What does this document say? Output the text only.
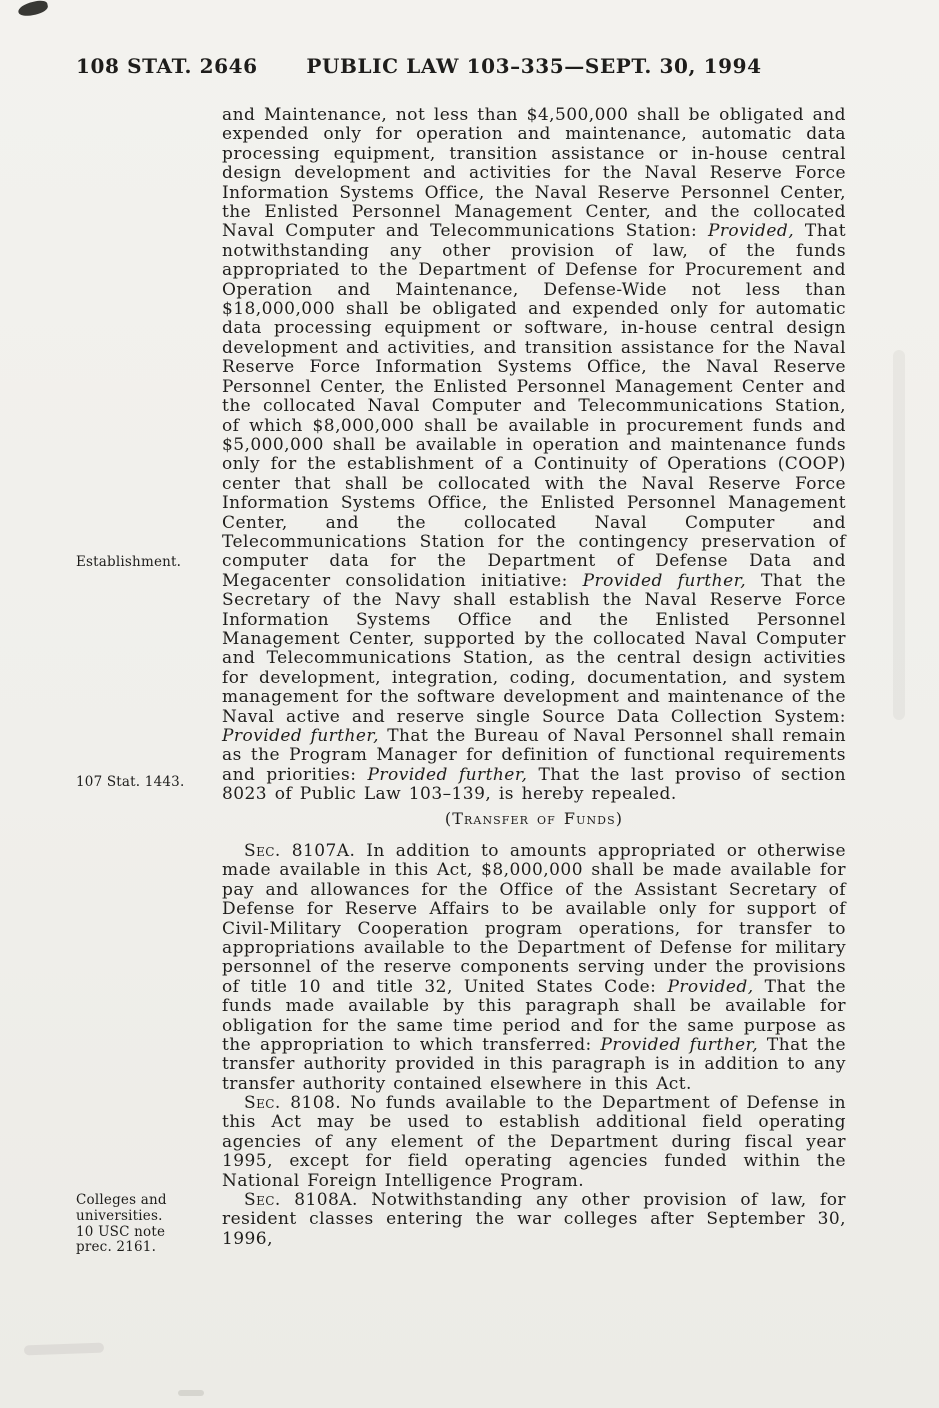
108 STAT. 2646	PUBLIC LAW 103–335—SEPT. 30, 1994
Establishment.
107 Stat. 1443.
Colleges and
universities.
10 USC note
prec. 2161.
and Maintenance, not less than $4,500,000 shall be obligated and expended only for operation and maintenance, automatic data processing equipment, transition assistance or in-house central design development and activities for the Naval Reserve Force Information Systems Office, the Naval Reserve Personnel Center, the Enlisted Personnel Management Center, and the collocated Naval Computer and Telecommunications Station: Provided, That notwithstanding any other provision of law, of the funds appropriated to the Department of Defense for Procurement and Operation and Maintenance, Defense-Wide not less than $18,000,000 shall be obligated and expended only for automatic data processing equipment or software, in-house central design development and activities, and transition assistance for the Naval Reserve Force Information Systems Office, the Naval Reserve Personnel Center, the Enlisted Personnel Management Center and the collocated Naval Computer and Telecommunications Station, of which $8,000,000 shall be available in procurement funds and $5,000,000 shall be available in operation and maintenance funds only for the establishment of a Continuity of Operations (COOP) center that shall be collocated with the Naval Reserve Force Information Systems Office, the Enlisted Personnel Management Center, and the collocated Naval Computer and Telecommunications Station for the contingency preservation of computer data for the Department of Defense Data and Megacenter consolidation initiative: Provided further, That the Secretary of the Navy shall establish the Naval Reserve Force Information Systems Office and the Enlisted Personnel Management Center, supported by the collocated Naval Computer and Telecommunications Station, as the central design activities for development, integration, coding, documentation, and system management for the software development and maintenance of the Naval active and reserve single Source Data Collection System: Provided further, That the Bureau of Naval Personnel shall remain as the Program Manager for definition of functional requirements and priorities: Provided further, That the last proviso of section 8023 of Public Law 103–139, is hereby repealed.
(Transfer of Funds)
Sec. 8107A. In addition to amounts appropriated or otherwise made available in this Act, $8,000,000 shall be made available for pay and allowances for the Office of the Assistant Secretary of Defense for Reserve Affairs to be available only for support of Civil-Military Cooperation program operations, for transfer to appropriations available to the Department of Defense for military personnel of the reserve components serving under the provisions of title 10 and title 32, United States Code: Provided, That the funds made available by this paragraph shall be available for obligation for the same time period and for the same purpose as the appropriation to which transferred: Provided further, That the transfer authority provided in this paragraph is in addition to any transfer authority contained elsewhere in this Act.
Sec. 8108. No funds available to the Department of Defense in this Act may be used to establish additional field operating agencies of any element of the Department during fiscal year 1995, except for field operating agencies funded within the National Foreign Intelligence Program.
Sec. 8108A. Notwithstanding any other provision of law, for resident classes entering the war colleges after September 30, 1996,
